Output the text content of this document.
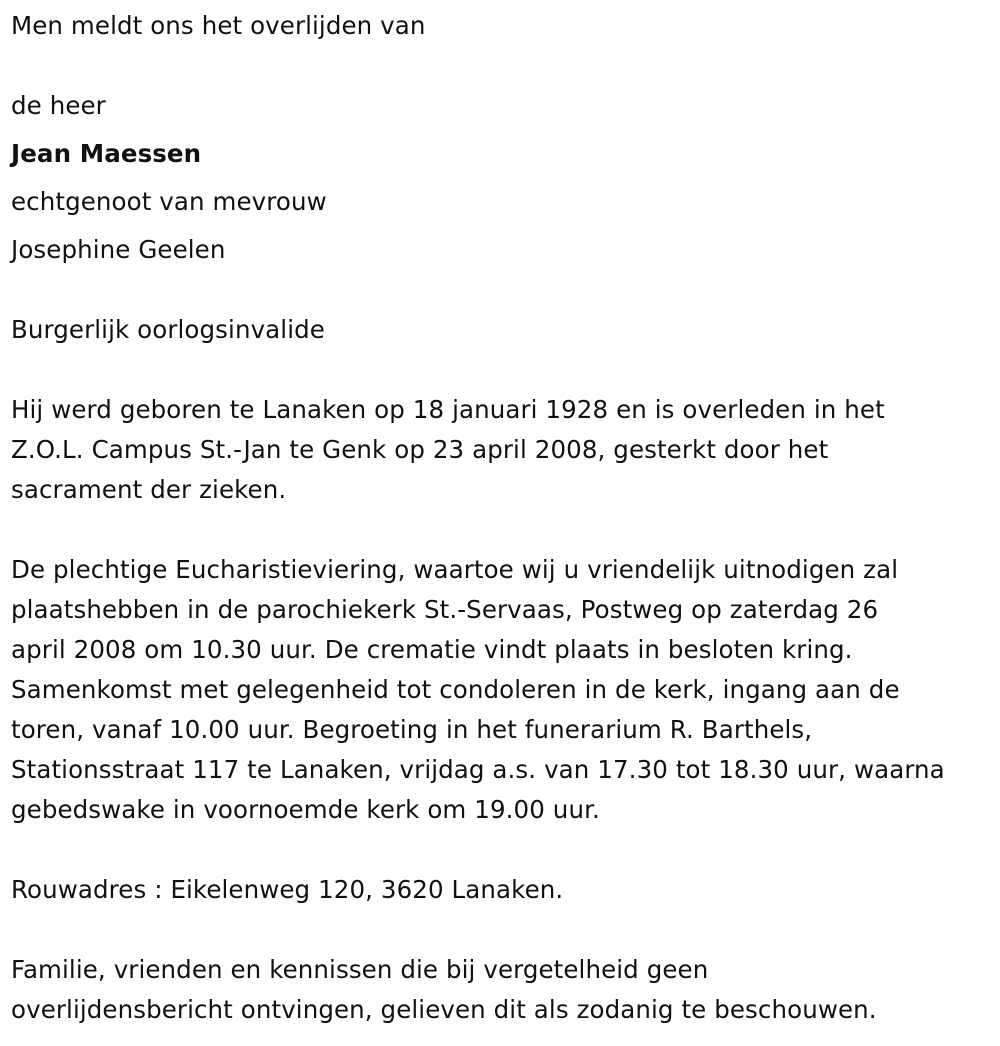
Men meldt ons het overlijden van
de heer
Jean Maessen
echtgenoot van mevrouw
Josephine Geelen
Burgerlijk oorlogsinvalide
Hij werd geboren te Lanaken op 18 januari 1928 en is overleden in het
Z.O.L. Campus St.-Jan te Genk op 23 april 2008, gesterkt door het
sacrament der zieken.
De plechtige Eucharistieviering, waartoe wij u vriendelijk uitnodigen zal
plaatshebben in de parochiekerk St.-Servaas, Postweg op zaterdag 26
april 2008 om 10.30 uur. De crematie vindt plaats in besloten kring.
Samenkomst met gelegenheid tot condoleren in de kerk, ingang aan de
toren, vanaf 10.00 uur. Begroeting in het funerarium R. Barthels,
Stationsstraat 117 te Lanaken, vrijdag a.s. van 17.30 tot 18.30 uur, waarna
gebedswake in voornoemde kerk om 19.00 uur.
Rouwadres : Eikelenweg 120, 3620 Lanaken.
Familie, vrienden en kennissen die bij vergetelheid geen
overlijdensbericht ontvingen, gelieven dit als zodanig te beschouwen.
